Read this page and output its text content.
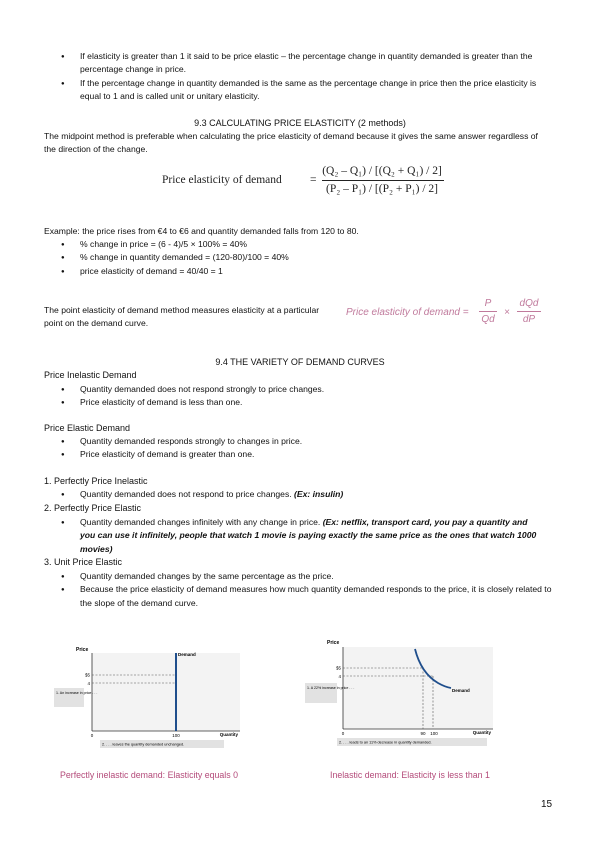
● If elasticity is greater than 1 it said to be price elastic – the percentage change in quantity demanded is greater than the percentage change in price.
● If the percentage change in quantity demanded is the same as the percentage change in price then the price elasticity is equal to 1 and is called unit or unitary elasticity.
9.3 CALCULATING PRICE ELASTICITY (2 methods)
The midpoint method is preferable when calculating the price elasticity of demand because it gives the same answer regardless of the direction of the change.
Price elasticity of demand =
(Q₂ – Q₁) / [(Q₂ + Q₁) / 2]
(P₂ – P₁) / [(P₂ + P₁) / 2]
Example: the price rises from €4 to €6 and quantity demanded falls from 120 to 80.
● % change in price = (6 - 4)/5 × 100% = 40%
● % change in quantity demanded = (120-80)/100 = 40%
● price elasticity of demand = 40/40 = 1
The point elasticity of demand method measures elasticity at a particular point on the demand curve.
Price elasticity of demand =
P
Qd
×
dQd
dP
9.4 THE VARIETY OF DEMAND CURVES
Price Inelastic Demand
● Quantity demanded does not respond strongly to price changes.
● Price elasticity of demand is less than one.
Price Elastic Demand
● Quantity demanded responds strongly to changes in price.
● Price elasticity of demand is greater than one.
1. Perfectly Price Inelastic
● Quantity demanded does not respond to price changes. (Ex: insulin)
2. Perfectly Price Elastic
● Quantity demanded changes infinitely with any change in price. (Ex: netflix, transport card, you pay a quantity and you can use it infinitely, people that watch 1 movie is paying exactly the same price as the ones that watch 1000 movies)
3. Unit Price Elastic
● Quantity demanded changes by the same percentage as the price.
● Because the price elasticity of demand measures how much quantity demanded responds to the price, it is closely related to the slope of the demand curve.
Price
Demand
$5
4
0	100	Quantity
1. An increase in price . . .
2. . . . leaves the quantity demanded unchanged.
Perfectly inelastic demand: Elasticity equals 0
Price
Demand
$5
4
0	90 100	Quantity
1. A 22% increase in price . . .
2. . . . leads to an 11% decrease in quantity demanded.
Inelastic demand: Elasticity is less than 1
15
